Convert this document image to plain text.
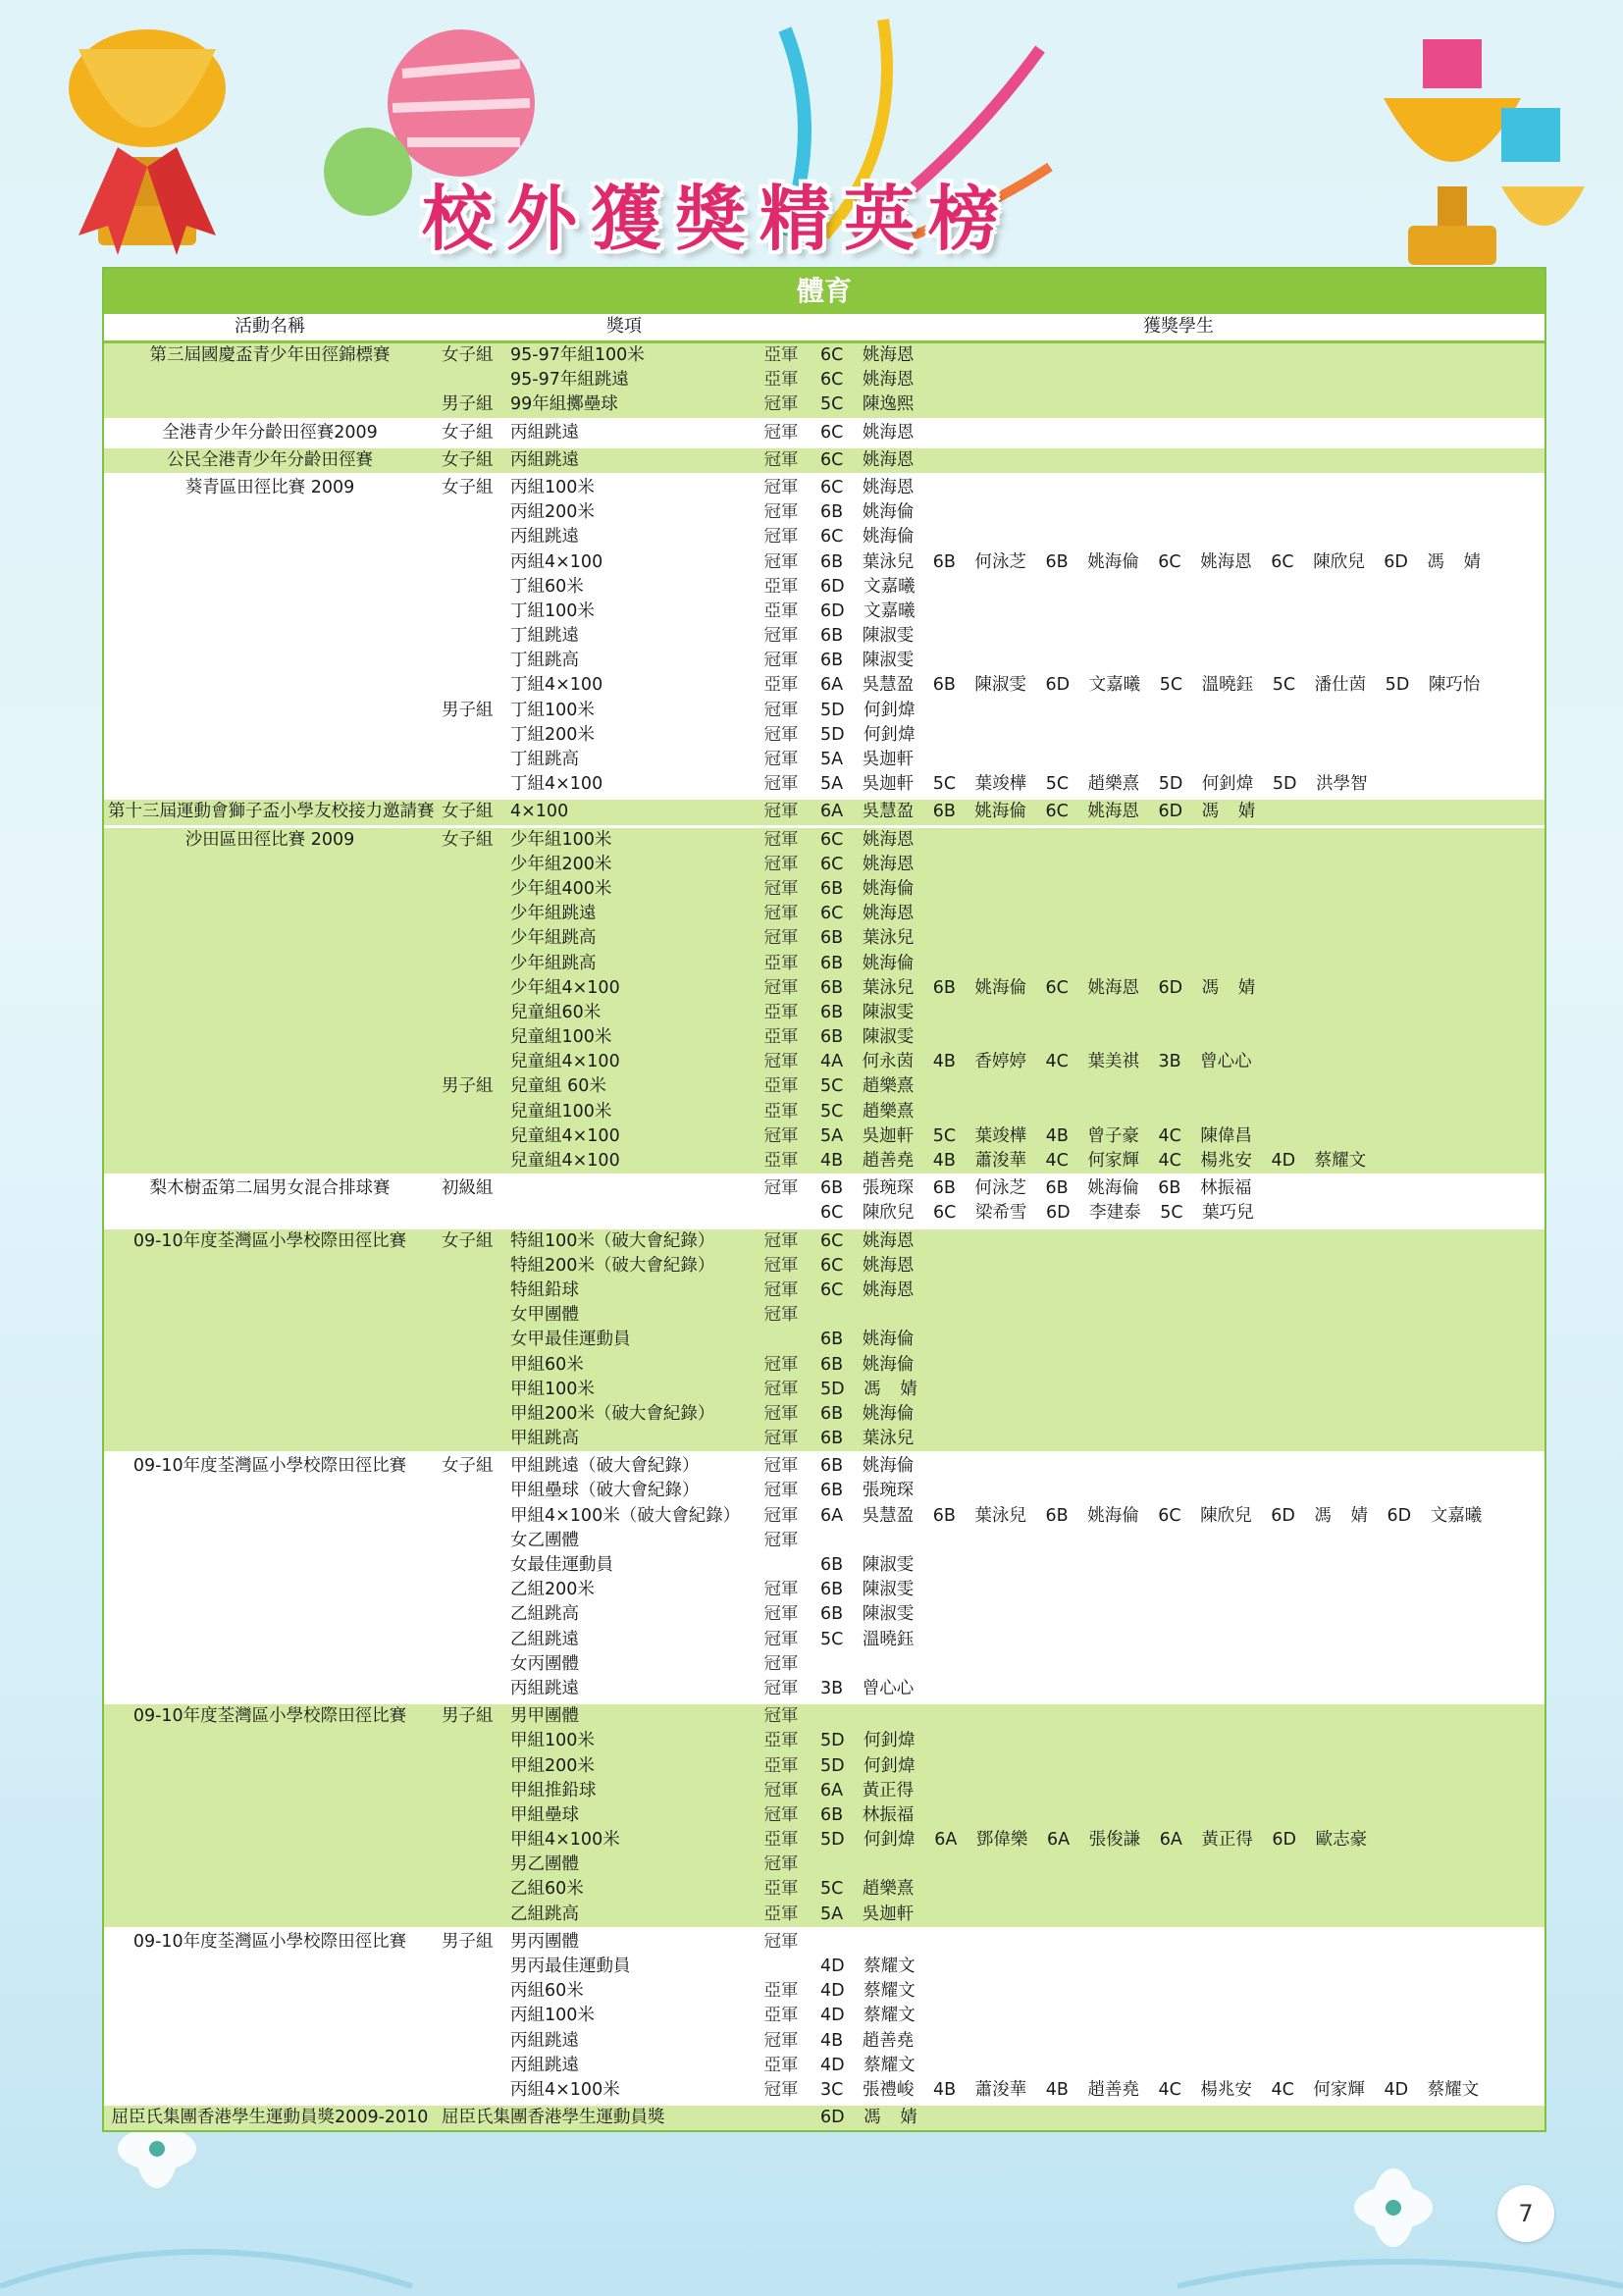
校外獲獎精英榜
體育
活動名稱	獎項			獲獎學生
第三屆國慶盃青少年田徑錦標賽	女子組	95-97年組100米	亞軍	6C 姚海恩
		95-97年組跳遠	亞軍	6C 姚海恩
	男子組	99年組擲壘球	冠軍	5C 陳逸熙
全港青少年分齡田徑賽2009	女子組	丙組跳遠	冠軍	6C 姚海恩
公民全港青少年分齡田徑賽	女子組	丙組跳遠	冠軍	6C 姚海恩
葵青區田徑比賽 2009	女子組	丙組100米	冠軍	6C 姚海恩
		丙組200米	冠軍	6B 姚海倫
		丙組跳遠	冠軍	6C 姚海倫
		丙組4×100	冠軍	6B 葉泳兒 6B 何泳芝 6B 姚海倫 6C 姚海恩 6C 陳欣兒 6D 馮 婧
		丁組60米	亞軍	6D 文嘉曦
		丁組100米	亞軍	6D 文嘉曦
		丁組跳遠	冠軍	6B 陳淑雯
		丁組跳高	冠軍	6B 陳淑雯
		丁組4×100	亞軍	6A 吳慧盈 6B 陳淑雯 6D 文嘉曦 5C 溫曉鈺 5C 潘仕茵 5D 陳巧怡
	男子組	丁組100米	冠軍	5D 何釗煒
		丁組200米	冠軍	5D 何釗煒
		丁組跳高	冠軍	5A 吳迦軒
		丁組4×100	冠軍	5A 吳迦軒 5C 葉竣樺 5C 趙樂熹 5D 何釗煒 5D 洪學智
第十三屆運動會獅子盃小學友校接力邀請賽	女子組	4×100	冠軍	6A 吳慧盈 6B 姚海倫 6C 姚海恩 6D 馮 婧
沙田區田徑比賽 2009	女子組	少年組100米	冠軍	6C 姚海恩
		少年組200米	冠軍	6C 姚海恩
		少年組400米	冠軍	6B 姚海倫
		少年組跳遠	冠軍	6C 姚海恩
		少年組跳高	冠軍	6B 葉泳兒
		少年組跳高	亞軍	6B 姚海倫
		少年組4×100	冠軍	6B 葉泳兒 6B 姚海倫 6C 姚海恩 6D 馮 婧
		兒童組60米	亞軍	6B 陳淑雯
		兒童組100米	亞軍	6B 陳淑雯
		兒童組4×100	冠軍	4A 何永茵 4B 香婷婷 4C 葉美祺 3B 曾心心
	男子組	兒童組 60米	亞軍	5C 趙樂熹
		兒童組100米	亞軍	5C 趙樂熹
		兒童組4×100	冠軍	5A 吳迦軒 5C 葉竣樺 4B 曾子豪 4C 陳偉昌
		兒童組4×100	亞軍	4B 趙善堯 4B 蕭浚華 4C 何家輝 4C 楊兆安 4D 蔡耀文
梨木樹盃第二屆男女混合排球賽	初級組		冠軍	6B 張琬琛 6B 何泳芝 6B 姚海倫 6B 林振福
				6C 陳欣兒 6C 梁希雪 6D 李建泰 5C 葉巧兒
09-10年度荃灣區小學校際田徑比賽	女子組	特組100米（破大會紀錄）	冠軍	6C 姚海恩
		特組200米（破大會紀錄）	冠軍	6C 姚海恩
		特組鉛球	冠軍	6C 姚海恩
		女甲團體	冠軍	
		女甲最佳運動員		6B 姚海倫
		甲組60米	冠軍	6B 姚海倫
		甲組100米	冠軍	5D 馮 婧
		甲組200米（破大會紀錄）	冠軍	6B 姚海倫
		甲組跳高	冠軍	6B 葉泳兒
09-10年度荃灣區小學校際田徑比賽	女子組	甲組跳遠（破大會紀錄）	冠軍	6B 姚海倫
		甲組壘球（破大會紀錄）	冠軍	6B 張琬琛
		甲組4×100米（破大會紀錄）	冠軍	6A 吳慧盈 6B 葉泳兒 6B 姚海倫 6C 陳欣兒 6D 馮 婧 6D 文嘉曦
		女乙團體	冠軍	
		女最佳運動員		6B 陳淑雯
		乙組200米	冠軍	6B 陳淑雯
		乙組跳高	冠軍	6B 陳淑雯
		乙組跳遠	冠軍	5C 溫曉鈺
		女丙團體	冠軍	
		丙組跳遠	冠軍	3B 曾心心
09-10年度荃灣區小學校際田徑比賽	男子組	男甲團體	冠軍	
		甲組100米	亞軍	5D 何釗煒
		甲組200米	亞軍	5D 何釗煒
		甲組推鉛球	冠軍	6A 黃正得
		甲組壘球	冠軍	6B 林振福
		甲組4×100米	亞軍	5D 何釗煒 6A 鄧偉樂 6A 張俊謙 6A 黃正得 6D 歐志豪
		男乙團體	冠軍	
		乙組60米	亞軍	5C 趙樂熹
		乙組跳高	亞軍	5A 吳迦軒
09-10年度荃灣區小學校際田徑比賽	男子組	男丙團體	冠軍	
		男丙最佳運動員		4D 蔡耀文
		丙組60米	亞軍	4D 蔡耀文
		丙組100米	亞軍	4D 蔡耀文
		丙組跳遠	冠軍	4B 趙善堯
		丙組跳遠	亞軍	4D 蔡耀文
		丙組4×100米	冠軍	3C 張禮峻 4B 蕭浚華 4B 趙善堯 4C 楊兆安 4C 何家輝 4D 蔡耀文
屈臣氏集團香港學生運動員獎2009-2010	屈臣氏集團香港學生運動員獎			6D 馮 婧
7
